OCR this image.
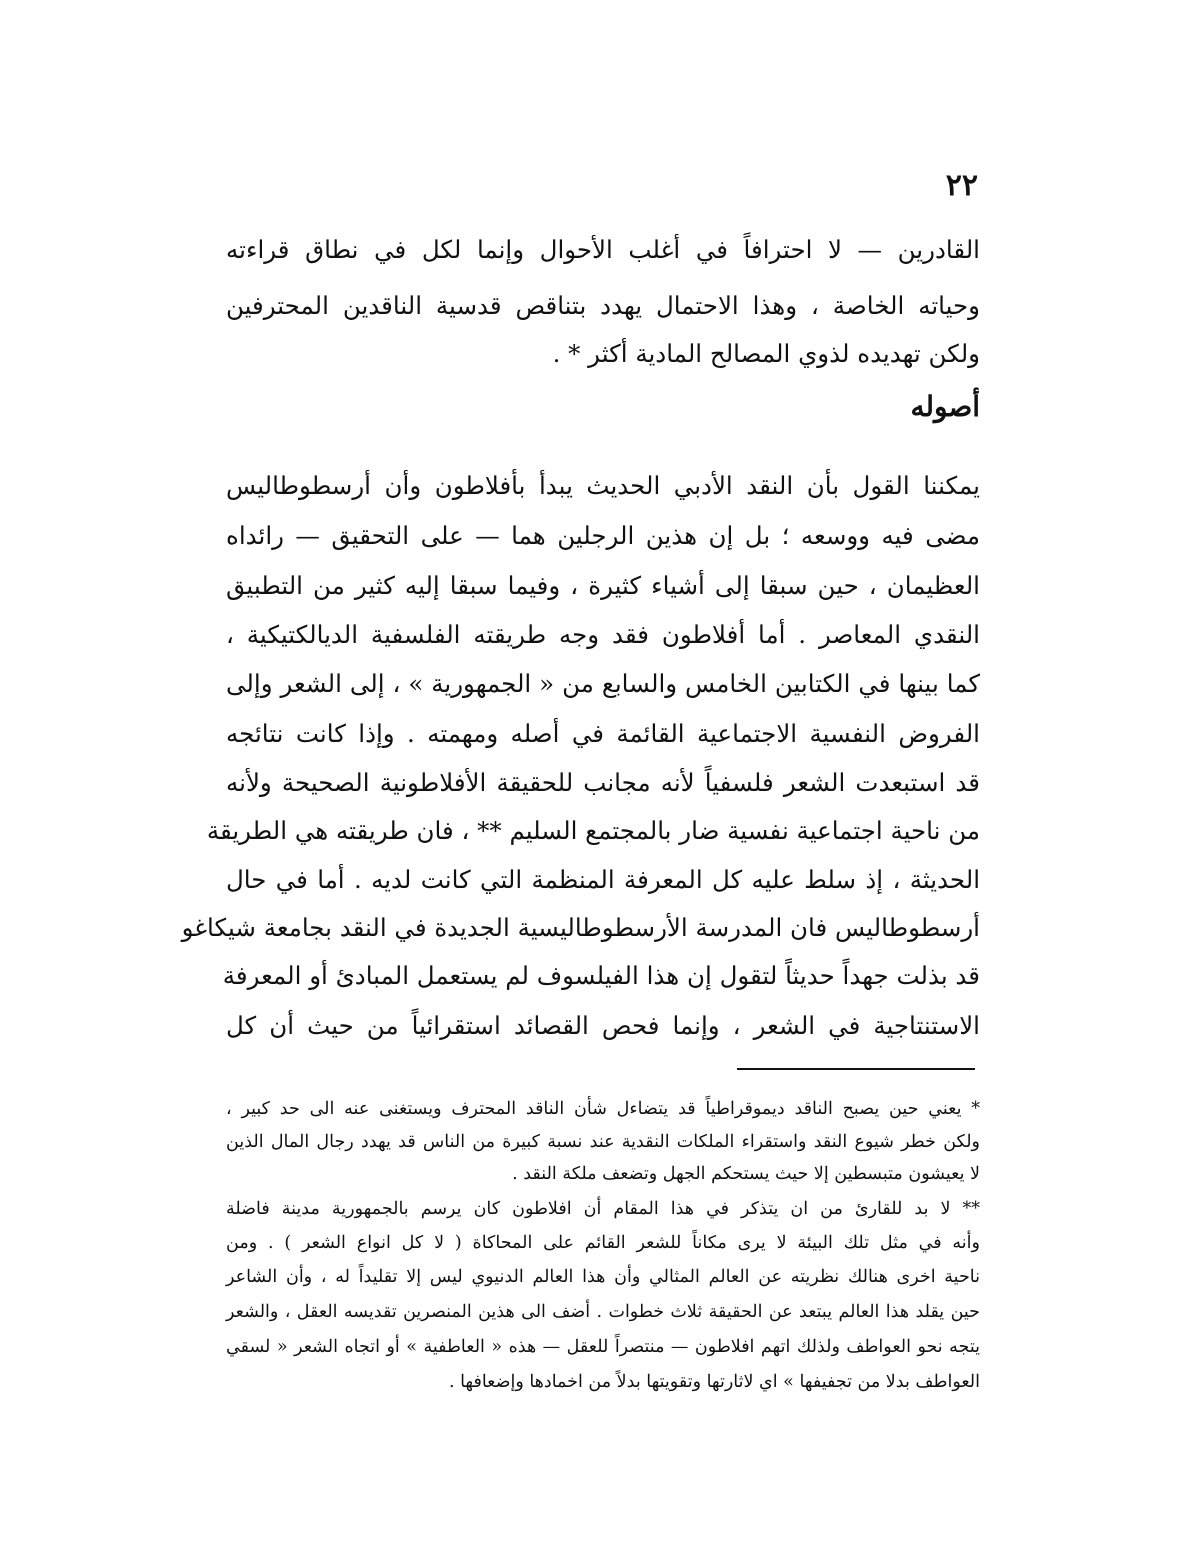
٢٢
القادرين — لا احترافاً في أغلب الأحوال وإنما لكل في نطاق قراءته
وحياته الخاصة ، وهذا الاحتمال يهدد بتناقص قدسية الناقدين المحترفين
ولكن تهديده لذوي المصالح المادية أكثر * .
أصوله
يمكننا القول بأن النقد الأدبي الحديث يبدأ بأفلاطون وأن أرسطوطاليس
مضى فيه ووسعه ؛ بل إن هذين الرجلين هما — على التحقيق — رائداه
العظيمان ، حين سبقا إلى أشياء كثيرة ، وفيما سبقا إليه كثير من التطبيق
النقدي المعاصر . أما أفلاطون فقد وجه طريقته الفلسفية الديالكتيكية ،
كما بينها في الكتابين الخامس والسابع من « الجمهورية » ، إلى الشعر وإلى
الفروض النفسية الاجتماعية القائمة في أصله ومهمته . وإذا كانت نتائجه
قد استبعدت الشعر فلسفياً لأنه مجانب للحقيقة الأفلاطونية الصحيحة ولأنه
من ناحية اجتماعية نفسية ضار بالمجتمع السليم ** ، فان طريقته هي الطريقة
الحديثة ، إذ سلط عليه كل المعرفة المنظمة التي كانت لديه . أما في حال
أرسطوطاليس فان المدرسة الأرسطوطاليسية الجديدة في النقد بجامعة شيكاغو
قد بذلت جهداً حديثاً لتقول إن هذا الفيلسوف لم يستعمل المبادئ أو المعرفة
الاستنتاجية في الشعر ، وإنما فحص القصائد استقرائياً من حيث أن كل
* يعني حين يصبح الناقد ديموقراطياً قد يتضاءل شأن الناقد المحترف ويستغنى عنه الى حد كبير ،
ولكن خطر شيوع النقد واستقراء الملكات النقدية عند نسبة كبيرة من الناس قد يهدد رجال المال الذين
لا يعيشون متبسطين إلا حيث يستحكم الجهل وتضعف ملكة النقد .
** لا بد للقارئ من ان يتذكر في هذا المقام أن افلاطون كان يرسم بالجمهورية مدينة فاضلة
وأنه في مثل تلك البيئة لا يرى مكاناً للشعر القائم على المحاكاة ( لا كل انواع الشعر ) . ومن
ناحية اخرى هنالك نظريته عن العالم المثالي وأن هذا العالم الدنيوي ليس إلا تقليداً له ، وأن الشاعر
حين يقلد هذا العالم يبتعد عن الحقيقة ثلاث خطوات . أضف الى هذين المنصرين تقديسه العقل ، والشعر
يتجه نحو العواطف ولذلك اتهم افلاطون — منتصراً للعقل — هذه « العاطفية » أو اتجاه الشعر « لسقي
العواطف بدلا من تجفيفها » اي لاثارتها وتقويتها بدلاً من اخمادها وإضعافها .
